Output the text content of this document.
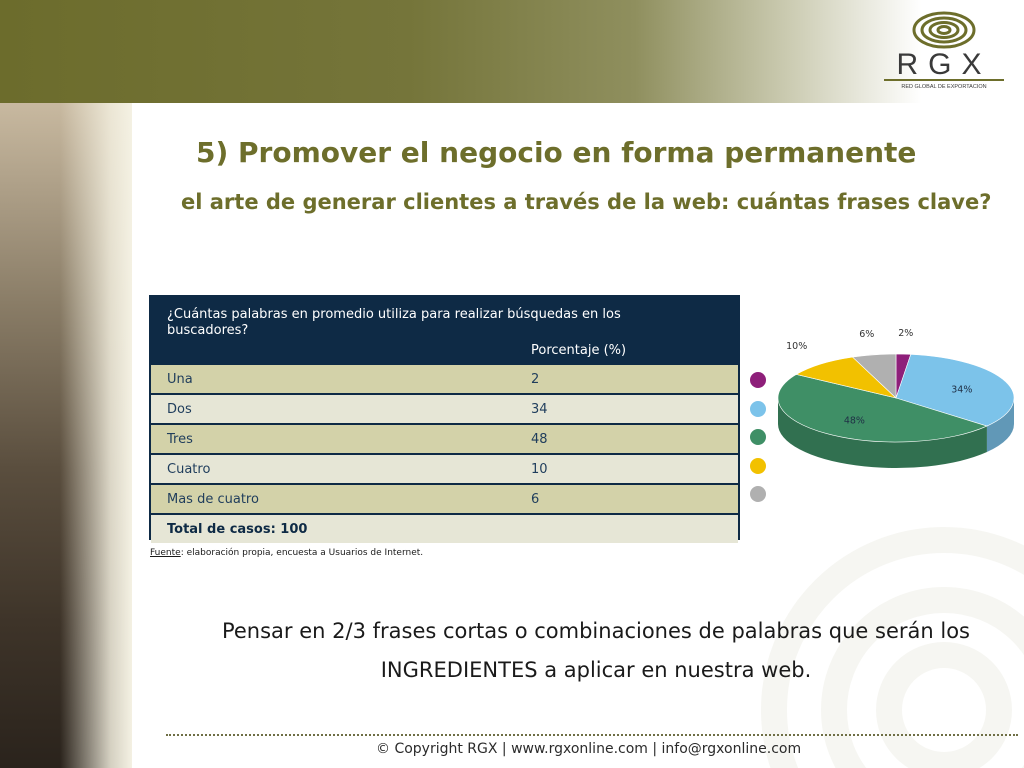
RGX
RED GLOBAL DE EXPORTACION
5) Promover el negocio en forma permanente
el arte de generar clientes a través de la web: cuántas frases clave?
¿Cuántas palabras en promedio utiliza para realizar búsquedas en los buscadores?
Porcentaje (%)
Una	2
Dos	34
Tres	48
Cuatro	10
Mas de cuatro	6
Total de casos: 100
Fuente: elaboración propia, encuesta a Usuarios de Internet.
2%
34%
48%
10%
6%

Pensar en 2/3 frases cortas o combinaciones de palabras que serán los
INGREDIENTES a aplicar en nuestra web.

© Copyright RGX | www.rgxonline.com | info@rgxonline.com
